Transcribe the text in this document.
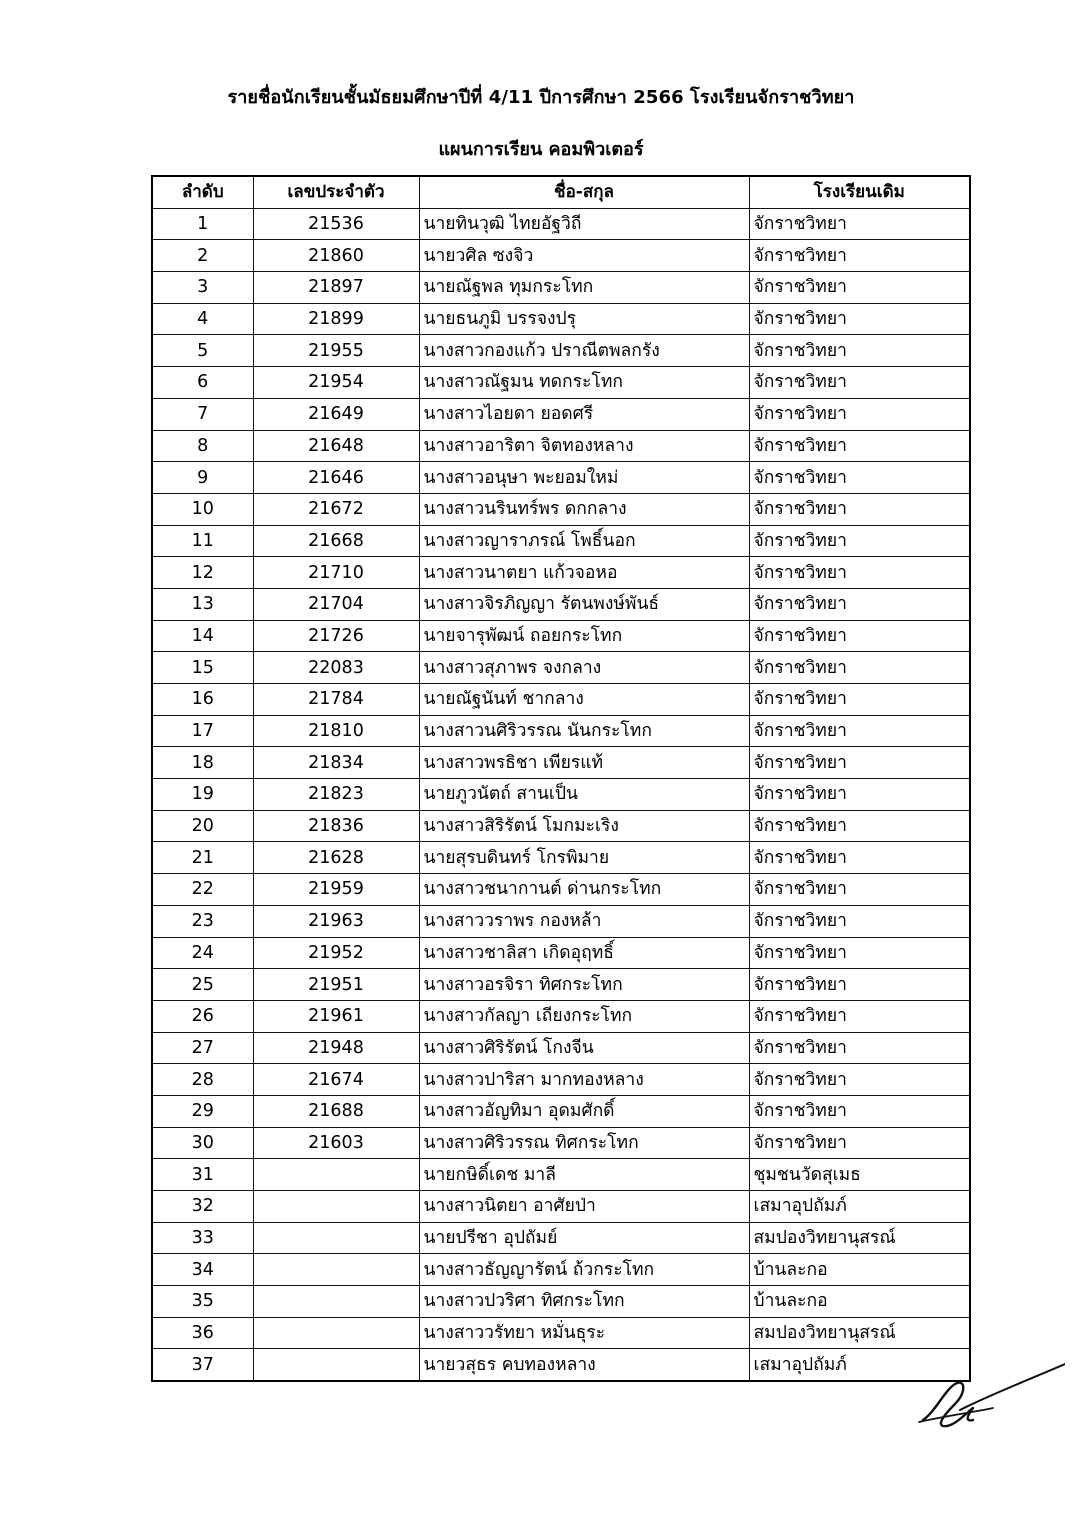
รายชื่อนักเรียนชั้นมัธยมศึกษาปีที่ 4/11 ปีการศึกษา 2566 โรงเรียนจักราชวิทยา
แผนการเรียน คอมพิวเตอร์
ลำดับ	เลขประจำตัว	ชื่อ-สกุล	โรงเรียนเดิม
1	21536	นายทินวุฒิ ไทยอัฐวิถี	จักราชวิทยา
2	21860	นายวศิล ซงจิว	จักราชวิทยา
3	21897	นายณัฐพล ทุมกระโทก	จักราชวิทยา
4	21899	นายธนภูมิ บรรจงปรุ	จักราชวิทยา
5	21955	นางสาวกองแก้ว ปราณีตพลกรัง	จักราชวิทยา
6	21954	นางสาวณัฐมน ทดกระโทก	จักราชวิทยา
7	21649	นางสาวไอยดา ยอดศรี	จักราชวิทยา
8	21648	นางสาวอาริตา จิตทองหลาง	จักราชวิทยา
9	21646	นางสาวอนุษา พะยอมใหม่	จักราชวิทยา
10	21672	นางสาวนรินทร์พร ดกกลาง	จักราชวิทยา
11	21668	นางสาวญาราภรณ์ โพธิ์นอก	จักราชวิทยา
12	21710	นางสาวนาตยา แก้วจอหอ	จักราชวิทยา
13	21704	นางสาวจิรภิญญา รัตนพงษ์พันธ์	จักราชวิทยา
14	21726	นายจารุพัฒน์ ถอยกระโทก	จักราชวิทยา
15	22083	นางสาวสุภาพร จงกลาง	จักราชวิทยา
16	21784	นายณัฐนันท์ ชากลาง	จักราชวิทยา
17	21810	นางสาวนศิริวรรณ นันกระโทก	จักราชวิทยา
18	21834	นางสาวพรธิชา เพียรแท้	จักราชวิทยา
19	21823	นายภูวนัตถ์ สานเป็น	จักราชวิทยา
20	21836	นางสาวสิริรัตน์ โมกมะเริง	จักราชวิทยา
21	21628	นายสุรบดินทร์ โกรพิมาย	จักราชวิทยา
22	21959	นางสาวชนากานต์ ด่านกระโทก	จักราชวิทยา
23	21963	นางสาววราพร กองหล้า	จักราชวิทยา
24	21952	นางสาวชาลิสา เกิดอุฤทธิ์	จักราชวิทยา
25	21951	นางสาวอรจิรา ทิศกระโทก	จักราชวิทยา
26	21961	นางสาวกัลญา เถียงกระโทก	จักราชวิทยา
27	21948	นางสาวศิริรัตน์ โกงจีน	จักราชวิทยา
28	21674	นางสาวปาริสา มากทองหลาง	จักราชวิทยา
29	21688	นางสาวอัญทิมา อุดมศักดิ์	จักราชวิทยา
30	21603	นางสาวศิริวรรณ ทิศกระโทก	จักราชวิทยา
31		นายกษิดิ์เดช มาลี	ชุมชนวัดสุเมธ
32		นางสาวนิตยา อาศัยป่า	เสมาอุปถัมภ์
33		นายปรีชา อุปถัมย์	สมปองวิทยานุสรณ์
34		นางสาวธัญญารัตน์ ถ้วกระโทก	บ้านละกอ
35		นางสาวปวริศา ทิศกระโทก	บ้านละกอ
36		นางสาววรัทยา หมั่นธุระ	สมปองวิทยานุสรณ์
37		นายวสุธร คบทองหลาง	เสมาอุปถัมภ์
